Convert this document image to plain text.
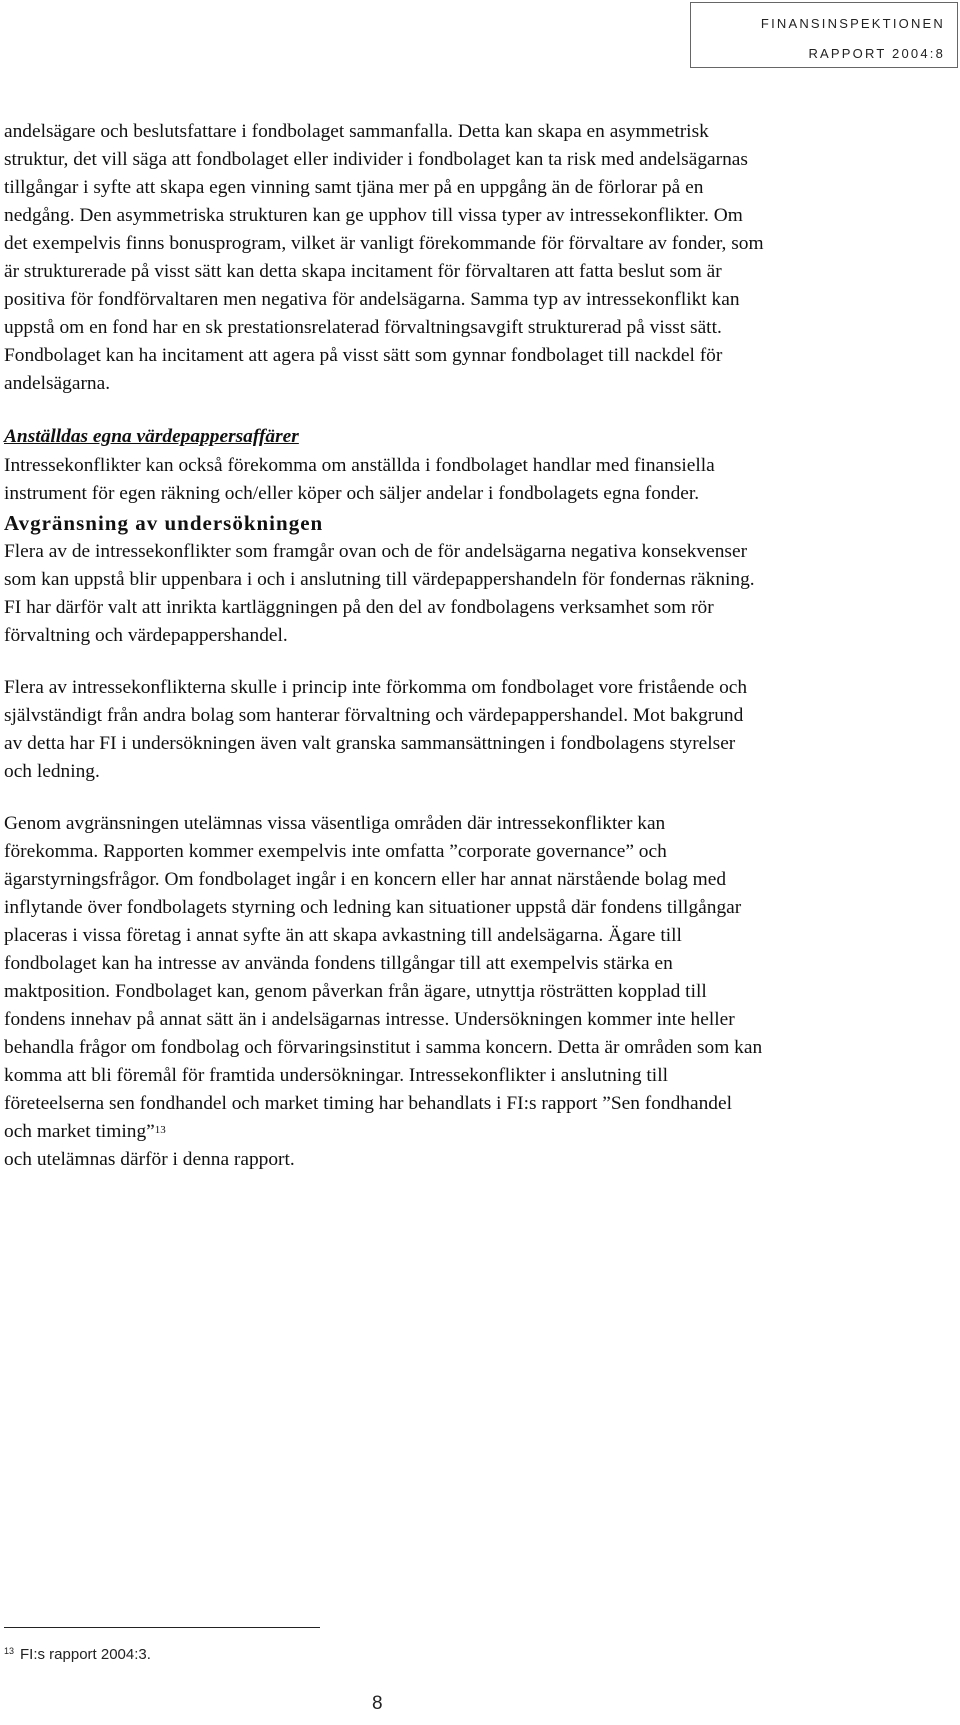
FINANSINSPEKTIONEN
RAPPORT 2004:8

andelsägare och beslutsfattare i fondbolaget sammanfalla. Detta kan skapa en asymmetrisk struktur, det vill säga att fondbolaget eller individer i fondbolaget kan ta risk med andelsägarnas tillgångar i syfte att skapa egen vinning samt tjäna mer på en uppgång än de förlorar på en nedgång. Den asymmetriska strukturen kan ge upphov till vissa typer av intressekonflikter. Om det exempelvis finns bonusprogram, vilket är vanligt förekommande för förvaltare av fonder, som är strukturerade på visst sätt kan detta skapa incitament för förvaltaren att fatta beslut som är positiva för fondförvaltaren men negativa för andelsägarna. Samma typ av intressekonflikt kan uppstå om en fond har en sk prestationsrelaterad förvaltningsavgift strukturerad på visst sätt. Fondbolaget kan ha incitament att agera på visst sätt som gynnar fondbolaget till nackdel för andelsägarna.

Anställdas egna värdepappersaffärer

Intressekonflikter kan också förekomma om anställda i fondbolaget handlar med finansiella instrument för egen räkning och/eller köper och säljer andelar i fondbolagets egna fonder.

Avgränsning av undersökningen

Flera av de intressekonflikter som framgår ovan och de för andelsägarna negativa konsekvenser som kan uppstå blir uppenbara i och i anslutning till värdepappershandeln för fondernas räkning. FI har därför valt att inrikta kartläggningen på den del av fondbolagens verksamhet som rör förvaltning och värdepappershandel.

Flera av intressekonflikterna skulle i princip inte förkomma om fondbolaget vore fristående och självständigt från andra bolag som hanterar förvaltning och värdepappershandel. Mot bakgrund av detta har FI i undersökningen även valt granska sammansättningen i fondbolagens styrelser och ledning.

Genom avgränsningen utelämnas vissa väsentliga områden där intressekonflikter kan förekomma. Rapporten kommer exempelvis inte omfatta ”corporate governance” och ägarstyrningsfrågor. Om fondbolaget ingår i en koncern eller har annat närstående bolag med inflytande över fondbolagets styrning och ledning kan situationer uppstå där fondens tillgångar placeras i vissa företag i annat syfte än att skapa avkastning till andelsägarna. Ägare till fondbolaget kan ha intresse av använda fondens tillgångar till att exempelvis stärka en maktposition. Fondbolaget kan, genom påverkan från ägare, utnyttja rösträtten kopplad till fondens innehav på annat sätt än i andelsägarnas intresse. Undersökningen kommer inte heller behandla frågor om fondbolag och förvaringsinstitut i samma koncern. Detta är områden som kan komma att bli föremål för framtida undersökningar. Intressekonflikter i anslutning till företeelserna sen fondhandel och market timing har behandlats i FI:s rapport ”Sen fondhandel och market timing”$^{13}$
och utelämnas därför i denna rapport.

$^{13}$ FI:s rapport 2004:3.
8
